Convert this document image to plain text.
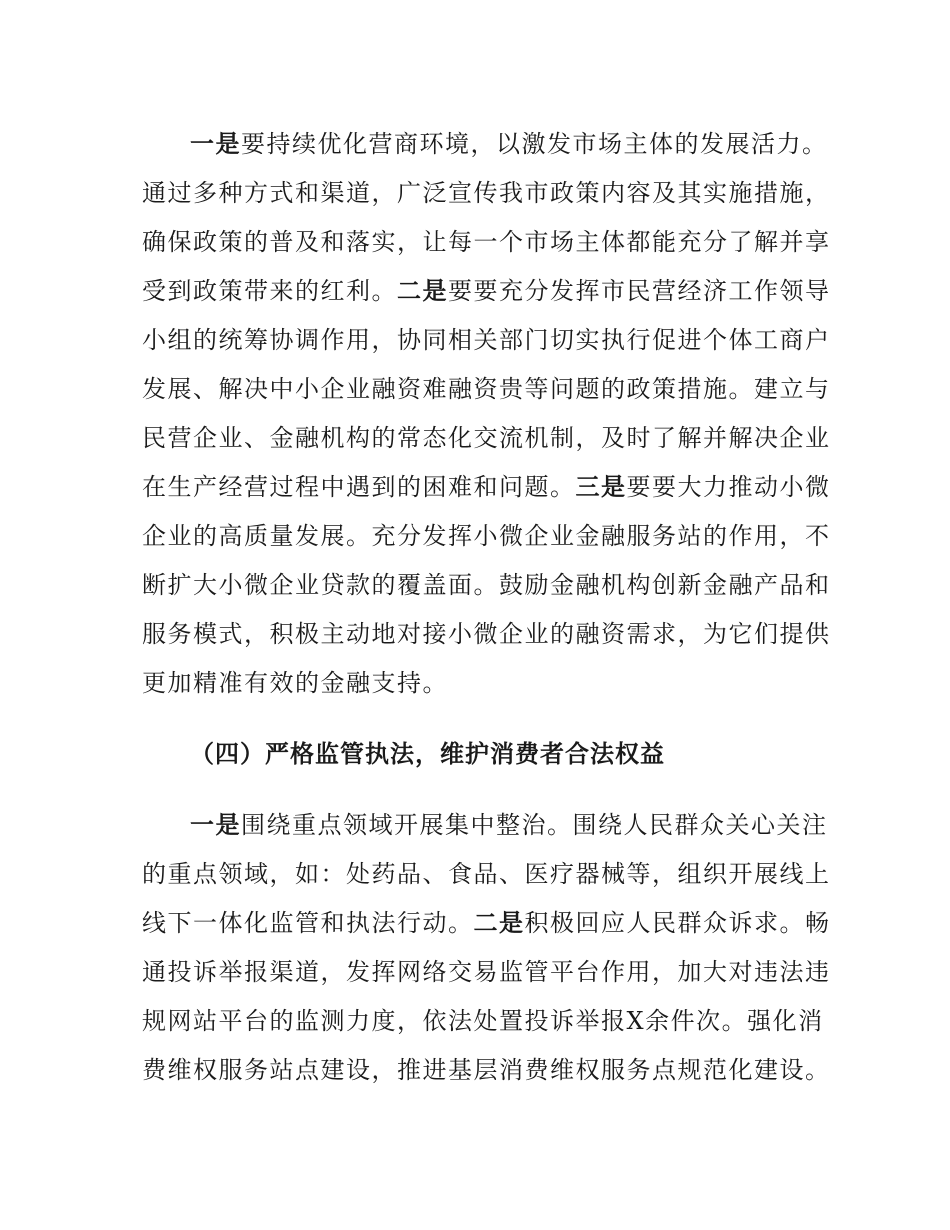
一是要持续优化营商环境，以激发市场主体的发展活力。
通过多种方式和渠道，广泛宣传我市政策内容及其实施措施，
确保政策的普及和落实，让每一个市场主体都能充分了解并享
受到政策带来的红利。二是要要充分发挥市民营经济工作领导
小组的统筹协调作用，协同相关部门切实执行促进个体工商户
发展、解决中小企业融资难融资贵等问题的政策措施。建立与
民营企业、金融机构的常态化交流机制，及时了解并解决企业
在生产经营过程中遇到的困难和问题。三是要要大力推动小微
企业的高质量发展。充分发挥小微企业金融服务站的作用，不
断扩大小微企业贷款的覆盖面。鼓励金融机构创新金融产品和
服务模式，积极主动地对接小微企业的融资需求，为它们提供
更加精准有效的金融支持。
（四）严格监管执法，维护消费者合法权益
一是围绕重点领域开展集中整治。围绕人民群众关心关注
的重点领域，如：处药品、食品、医疗器械等，组织开展线上
线下一体化监管和执法行动。二是积极回应人民群众诉求。畅
通投诉举报渠道，发挥网络交易监管平台作用，加大对违法违
规网站平台的监测力度，依法处置投诉举报X余件次。强化消
费维权服务站点建设，推进基层消费维权服务点规范化建设。
